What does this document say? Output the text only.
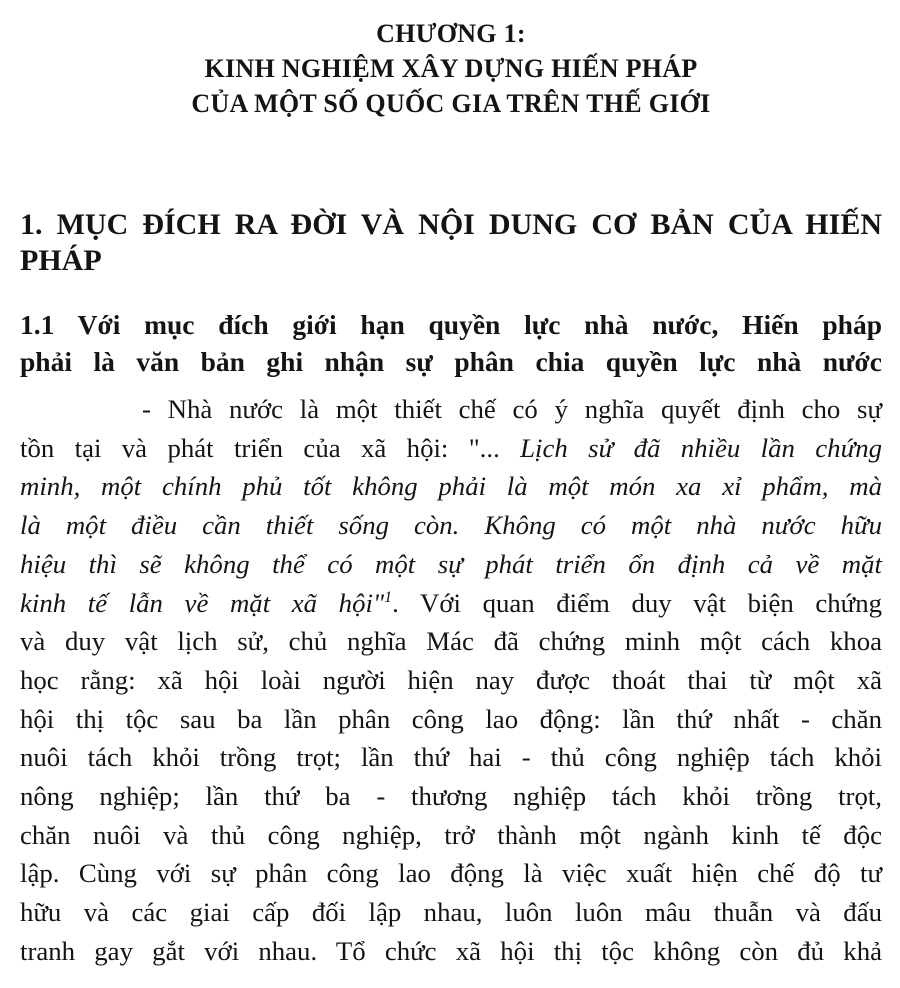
CHƯƠNG 1:
KINH NGHIỆM XÂY DỰNG HIẾN PHÁP
CỦA MỘT SỐ QUỐC GIA TRÊN THẾ GIỚI
1. MỤC ĐÍCH RA ĐỜI VÀ NỘI DUNG CƠ BẢN CỦA HIẾN PHÁP
1.1 Với mục đích giới hạn quyền lực nhà nước, Hiến pháp
phải là văn bản ghi nhận sự phân chia quyền lực nhà nước
- Nhà nước là một thiết chế có ý nghĩa quyết định cho sự
tồn tại và phát triển của xã hội: "... Lịch sử đã nhiều lần chứng
minh, một chính phủ tốt không phải là một món xa xỉ phẩm, mà
là một điều cần thiết sống còn. Không có một nhà nước hữu
hiệu thì sẽ không thể có một sự phát triển ổn định cả về mặt
kinh tế lẫn về mặt xã hội"$^1$. Với quan điểm duy vật biện chứng
và duy vật lịch sử, chủ nghĩa Mác đã chứng minh một cách khoa
học rằng: xã hội loài người hiện nay được thoát thai từ một xã
hội thị tộc sau ba lần phân công lao động: lần thứ nhất - chăn
nuôi tách khỏi trồng trọt; lần thứ hai - thủ công nghiệp tách khỏi
nông nghiệp; lần thứ ba - thương nghiệp tách khỏi trồng trọt,
chăn nuôi và thủ công nghiệp, trở thành một ngành kinh tế độc
lập. Cùng với sự phân công lao động là việc xuất hiện chế độ tư
hữu và các giai cấp đối lập nhau, luôn luôn mâu thuẫn và đấu
tranh gay gắt với nhau. Tổ chức xã hội thị tộc không còn đủ khả
